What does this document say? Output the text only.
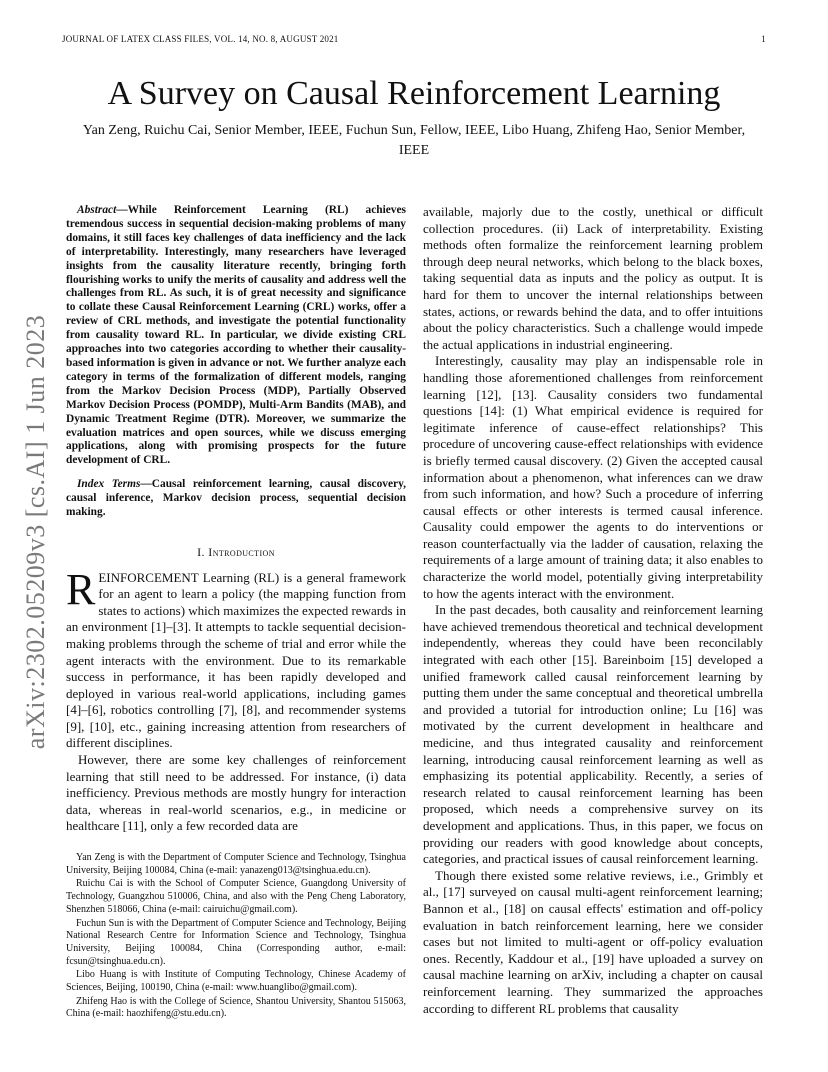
JOURNAL OF LATEX CLASS FILES, VOL. 14, NO. 8, AUGUST 2021	1
arXiv:2302.05209v3 [cs.AI] 1 Jun 2023
A Survey on Causal Reinforcement Learning
Yan Zeng, Ruichu Cai, Senior Member, IEEE, Fuchun Sun, Fellow, IEEE, Libo Huang, Zhifeng Hao, Senior Member, IEEE

Abstract—While Reinforcement Learning (RL) achieves tremendous success in sequential decision-making problems of many domains, it still faces key challenges of data inefficiency and the lack of interpretability. Interestingly, many researchers have leveraged insights from the causality literature recently, bringing forth flourishing works to unify the merits of causality and address well the challenges from RL. As such, it is of great necessity and significance to collate these Causal Reinforcement Learning (CRL) works, offer a review of CRL methods, and investigate the potential functionality from causality toward RL. In particular, we divide existing CRL approaches into two categories according to whether their causality-based information is given in advance or not. We further analyze each category in terms of the formalization of different models, ranging from the Markov Decision Process (MDP), Partially Observed Markov Decision Process (POMDP), Multi-Arm Bandits (MAB), and Dynamic Treatment Regime (DTR). Moreover, we summarize the evaluation matrices and open sources, while we discuss emerging applications, along with promising prospects for the future development of CRL.

Index Terms—Causal reinforcement learning, causal discovery, causal inference, Markov decision process, sequential decision making.

I. Introduction

REINFORCEMENT Learning (RL) is a general framework for an agent to learn a policy (the mapping function from states to actions) which maximizes the expected rewards in an environment [1]–[3]. It attempts to tackle sequential decision-making problems through the scheme of trial and error while the agent interacts with the environment. Due to its remarkable success in performance, it has been rapidly developed and deployed in various real-world applications, including games [4]–[6], robotics controlling [7], [8], and recommender systems [9], [10], etc., gaining increasing attention from researchers of different disciplines.

However, there are some key challenges of reinforcement learning that still need to be addressed. For instance, (i) data inefficiency. Previous methods are mostly hungry for interaction data, whereas in real-world scenarios, e.g., in medicine or healthcare [11], only a few recorded data are

Yan Zeng is with the Department of Computer Science and Technology, Tsinghua University, Beijing 100084, China (e-mail: yanazeng013@tsinghua.edu.cn).

Ruichu Cai is with the School of Computer Science, Guangdong University of Technology, Guangzhou 510006, China, and also with the Peng Cheng Laboratory, Shenzhen 518066, China (e-mail: cairuichu@gmail.com).

Fuchun Sun is with the Department of Computer Science and Technology, Beijing National Research Centre for Information Science and Technology, Tsinghua University, Beijing 100084, China (Corresponding author, e-mail: fcsun@tsinghua.edu.cn).

Libo Huang is with Institute of Computing Technology, Chinese Academy of Sciences, Beijing, 100190, China (e-mail: www.huanglibo@gmail.com).

Zhifeng Hao is with the College of Science, Shantou University, Shantou 515063, China (e-mail: haozhifeng@stu.edu.cn).

available, majorly due to the costly, unethical or difficult collection procedures. (ii) Lack of interpretability. Existing methods often formalize the reinforcement learning problem through deep neural networks, which belong to the black boxes, taking sequential data as inputs and the policy as output. It is hard for them to uncover the internal relationships between states, actions, or rewards behind the data, and to offer intuitions about the policy characteristics. Such a challenge would impede the actual applications in industrial engineering.

Interestingly, causality may play an indispensable role in handling those aforementioned challenges from reinforcement learning [12], [13]. Causality considers two fundamental questions [14]: (1) What empirical evidence is required for legitimate inference of cause-effect relationships? This procedure of uncovering cause-effect relationships with evidence is briefly termed causal discovery. (2) Given the accepted causal information about a phenomenon, what inferences can we draw from such information, and how? Such a procedure of inferring causal effects or other interests is termed causal inference. Causality could empower the agents to do interventions or reason counterfactually via the ladder of causation, relaxing the requirements of a large amount of training data; it also enables to characterize the world model, potentially giving interpretability to how the agents interact with the environment.

In the past decades, both causality and reinforcement learning have achieved tremendous theoretical and technical development independently, whereas they could have been reconcilably integrated with each other [15]. Bareinboim [15] developed a unified framework called causal reinforcement learning by putting them under the same conceptual and theoretical umbrella and provided a tutorial for introduction online; Lu [16] was motivated by the current development in healthcare and medicine, and thus integrated causality and reinforcement learning, introducing causal reinforcement learning as well as emphasizing its potential applicability. Recently, a series of research related to causal reinforcement learning has been proposed, which needs a comprehensive survey on its development and applications. Thus, in this paper, we focus on providing our readers with good knowledge about concepts, categories, and practical issues of causal reinforcement learning.

Though there existed some relative reviews, i.e., Grimbly et al., [17] surveyed on causal multi-agent reinforcement learning; Bannon et al., [18] on causal effects' estimation and off-policy evaluation in batch reinforcement learning, here we consider cases but not limited to multi-agent or off-policy evaluation ones. Recently, Kaddour et al., [19] have uploaded a survey on causal machine learning on arXiv, including a chapter on causal reinforcement learning. They summarized the approaches according to different RL problems that causality
